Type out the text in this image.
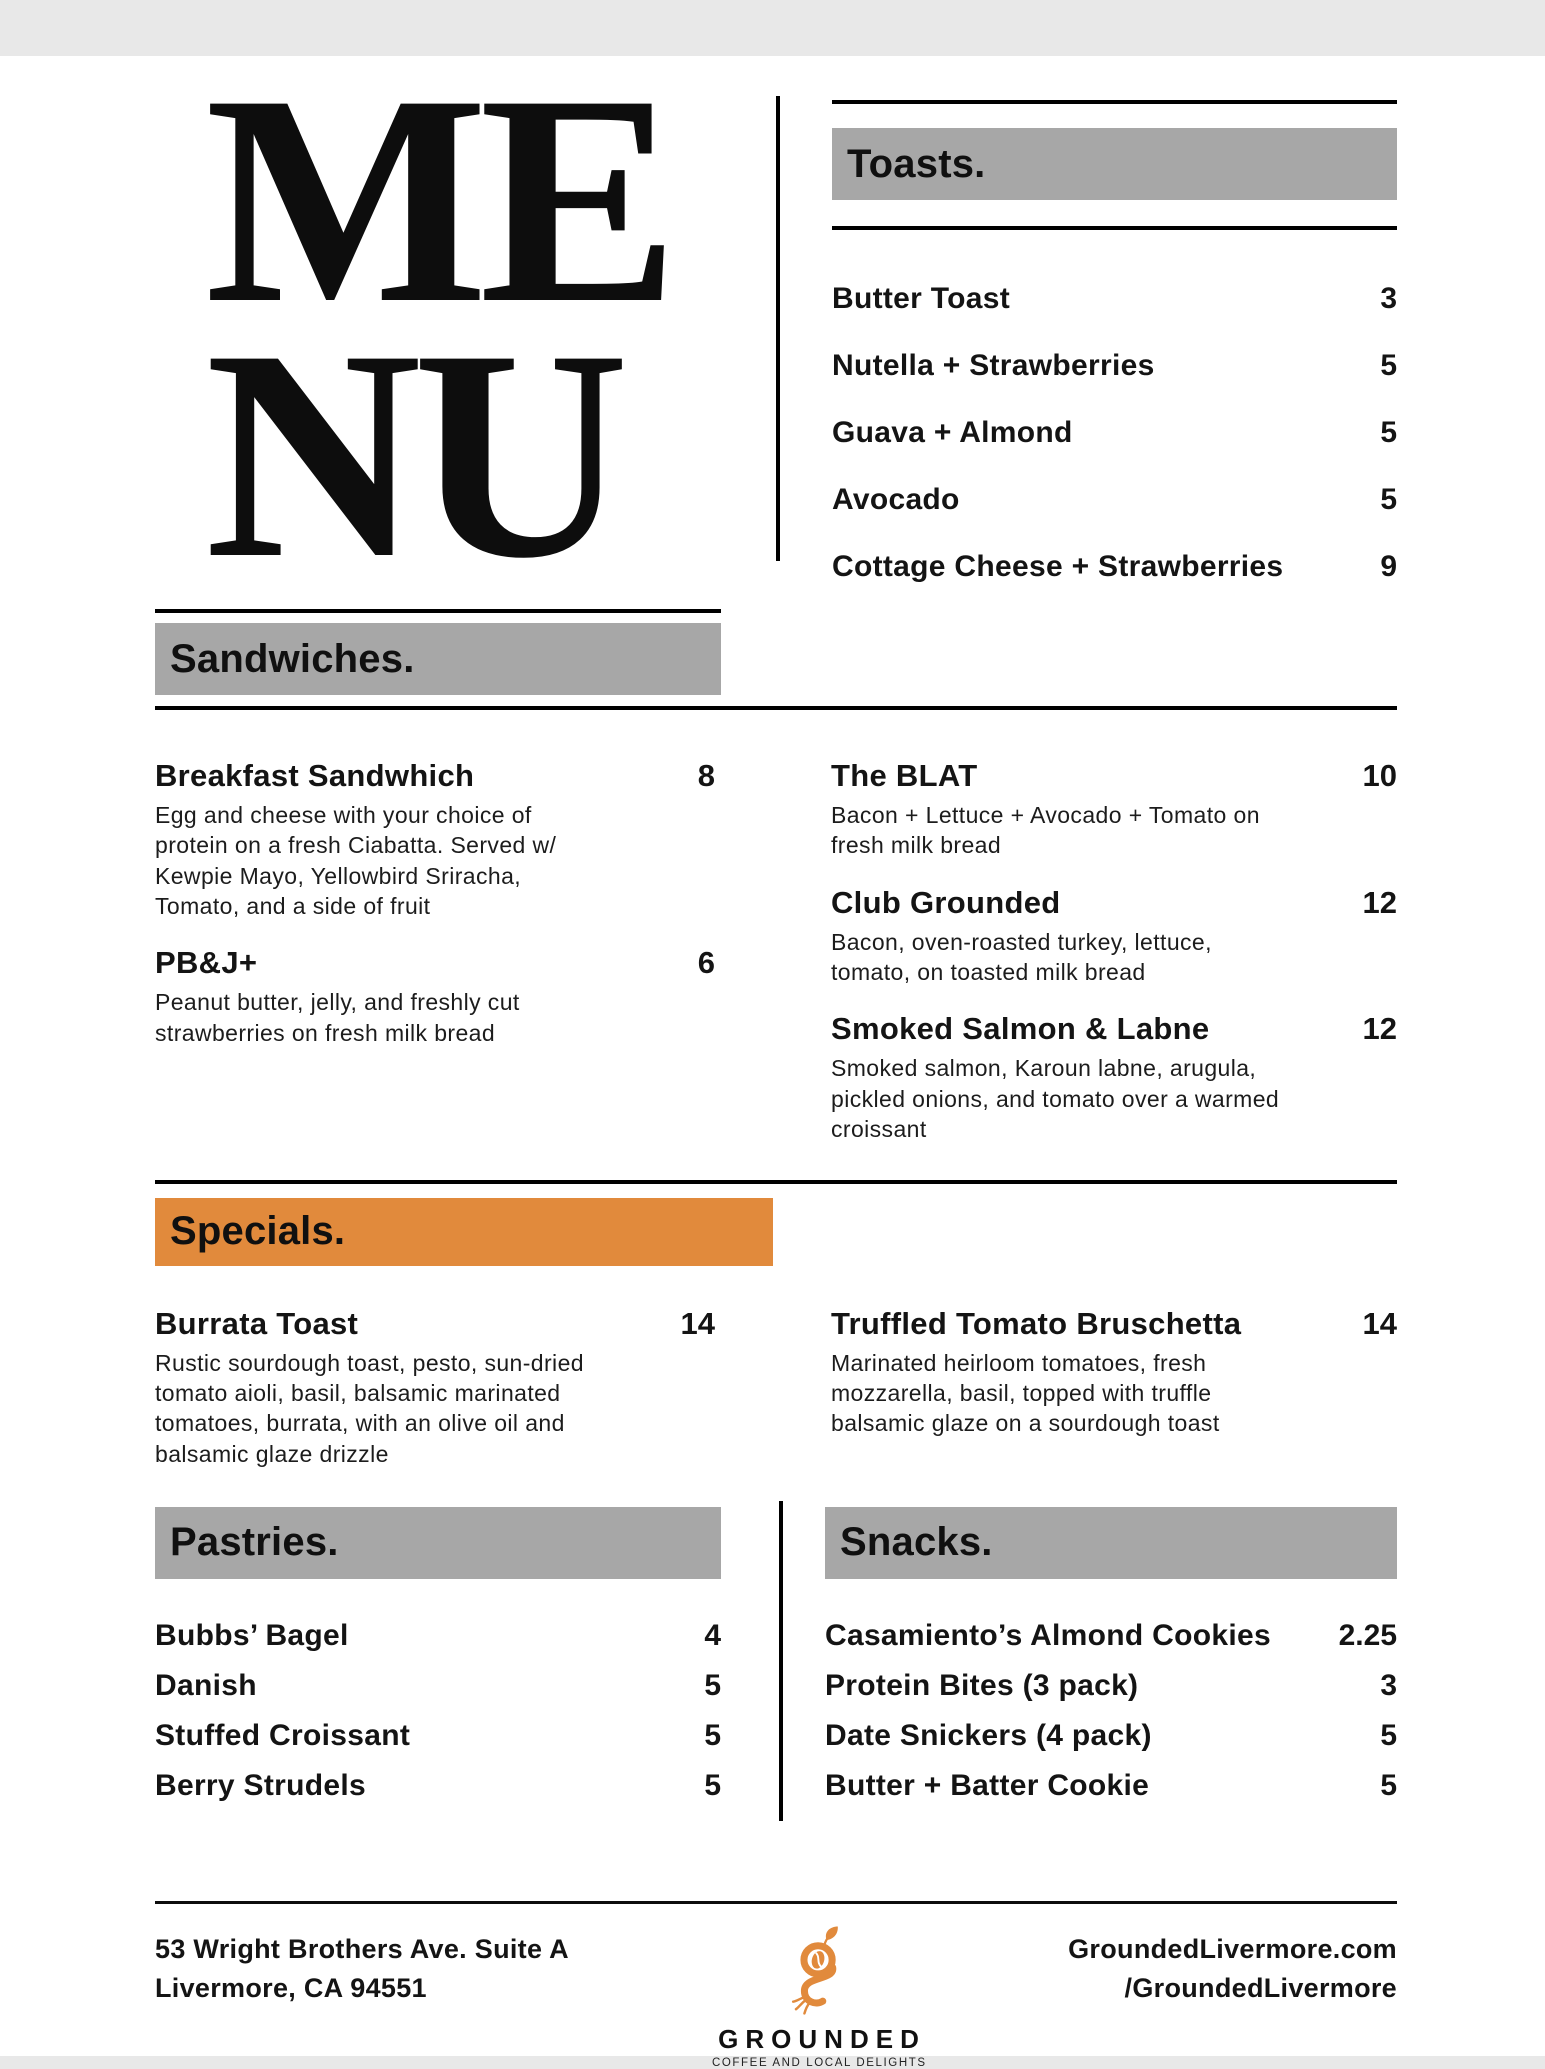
ME
NU
Toasts.
Butter Toast	3
Nutella + Strawberries	5
Guava + Almond	5
Avocado	5
Cottage Cheese + Strawberries	9
Sandwiches.
Breakfast Sandwhich	8
Egg and cheese with your choice of protein on a fresh Ciabatta. Served w/ Kewpie Mayo, Yellowbird Sriracha, Tomato, and a side of fruit
PB&J+	6
Peanut butter, jelly, and freshly cut strawberries on fresh milk bread
The BLAT	10
Bacon + Lettuce + Avocado + Tomato on fresh milk bread
Club Grounded	12
Bacon, oven-roasted turkey, lettuce, tomato, on toasted milk bread
Smoked Salmon & Labne	12
Smoked salmon, Karoun labne, arugula, pickled onions, and tomato over a warmed croissant
Specials.
Burrata Toast	14
Rustic sourdough toast, pesto, sun-dried tomato aioli, basil, balsamic marinated tomatoes, burrata, with an olive oil and balsamic glaze drizzle
Truffled Tomato Bruschetta	14
Marinated heirloom tomatoes, fresh mozzarella, basil, topped with truffle balsamic glaze on a sourdough toast
Pastries.
Bubbs’ Bagel	4
Danish	5
Stuffed Croissant	5
Berry Strudels	5
Snacks.
Casamiento’s Almond Cookies 2.25
Protein Bites (3 pack)	3
Date Snickers (4 pack)	5
Butter + Batter Cookie	5
53 Wright Brothers Ave. Suite A
Livermore, CA 94551
GROUNDED
COFFEE AND LOCAL DELIGHTS
GroundedLivermore.com
/GroundedLivermore
